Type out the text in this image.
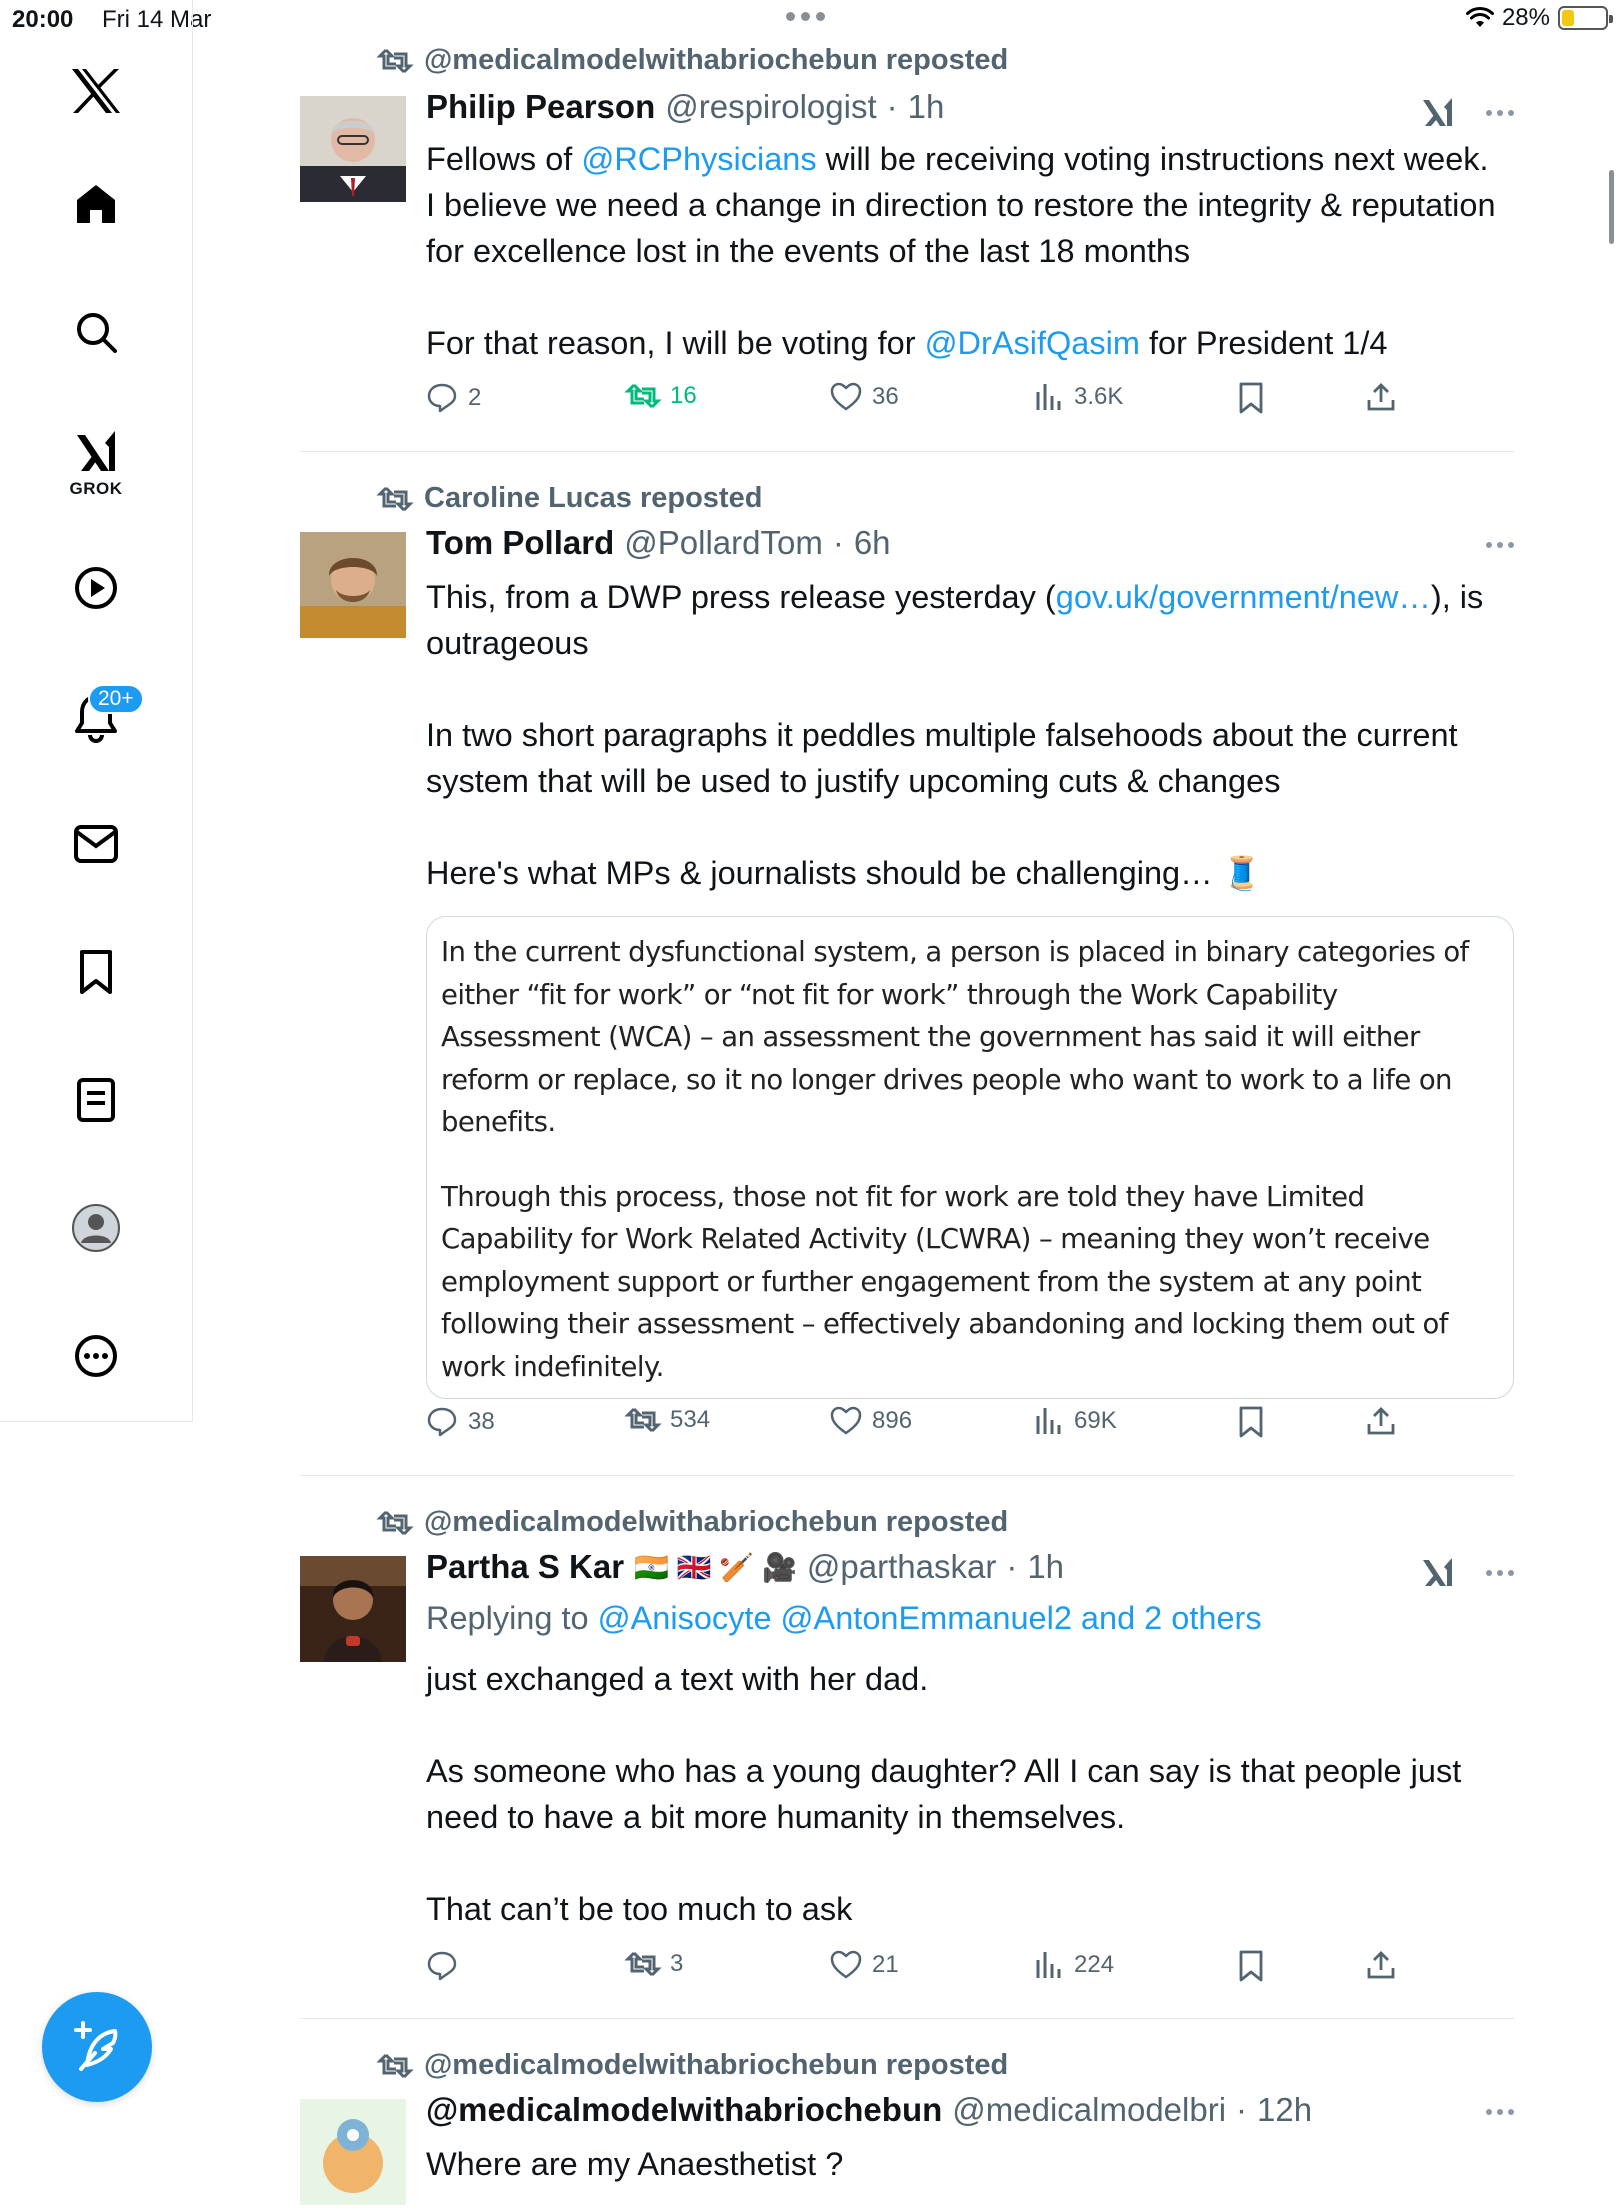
20:00 Fri 14 Mar	28%
GROK
20+
@medicalmodelwithabriochebun reposted
Philip Pearson @respirologist · 1h

Fellows of @RCPhysicians will be receiving voting instructions next week. I believe we need a change in direction to restore the integrity & reputation for excellence lost in the events of the last 18 months

For that reason, I will be voting for @DrAsifQasim for President 1/4

2	16	36	3.6K
Caroline Lucas reposted
Tom Pollard @PollardTom · 6h

This, from a DWP press release yesterday (gov.uk/government/new…), is outrageous

In two short paragraphs it peddles multiple falsehoods about the current system that will be used to justify upcoming cuts & changes

Here's what MPs & journalists should be challenging… 🧵

In the current dysfunctional system, a person is placed in binary categories of either “fit for work” or “not fit for work” through the Work Capability Assessment (WCA) – an assessment the government has said it will either reform or replace, so it no longer drives people who want to work to a life on benefits.

Through this process, those not fit for work are told they have Limited Capability for Work Related Activity (LCWRA) – meaning they won’t receive employment support or further engagement from the system at any point following their assessment – effectively abandoning and locking them out of work indefinitely.

38	534	896	69K
@medicalmodelwithabriochebun reposted
Partha S Kar 🇮🇳 🇬🇧 🏏 🎥 @parthaskar · 1h
Replying to @Anisocyte @AntonEmmanuel2 and 2 others

just exchanged a text with her dad.

As someone who has a young daughter? All I can say is that people just need to have a bit more humanity in themselves.

That can’t be too much to ask

3	21	224
@medicalmodelwithabriochebun reposted
@medicalmodelwithabriochebun @medicalmodelbri · 12h

Where are my Anaesthetist ?
